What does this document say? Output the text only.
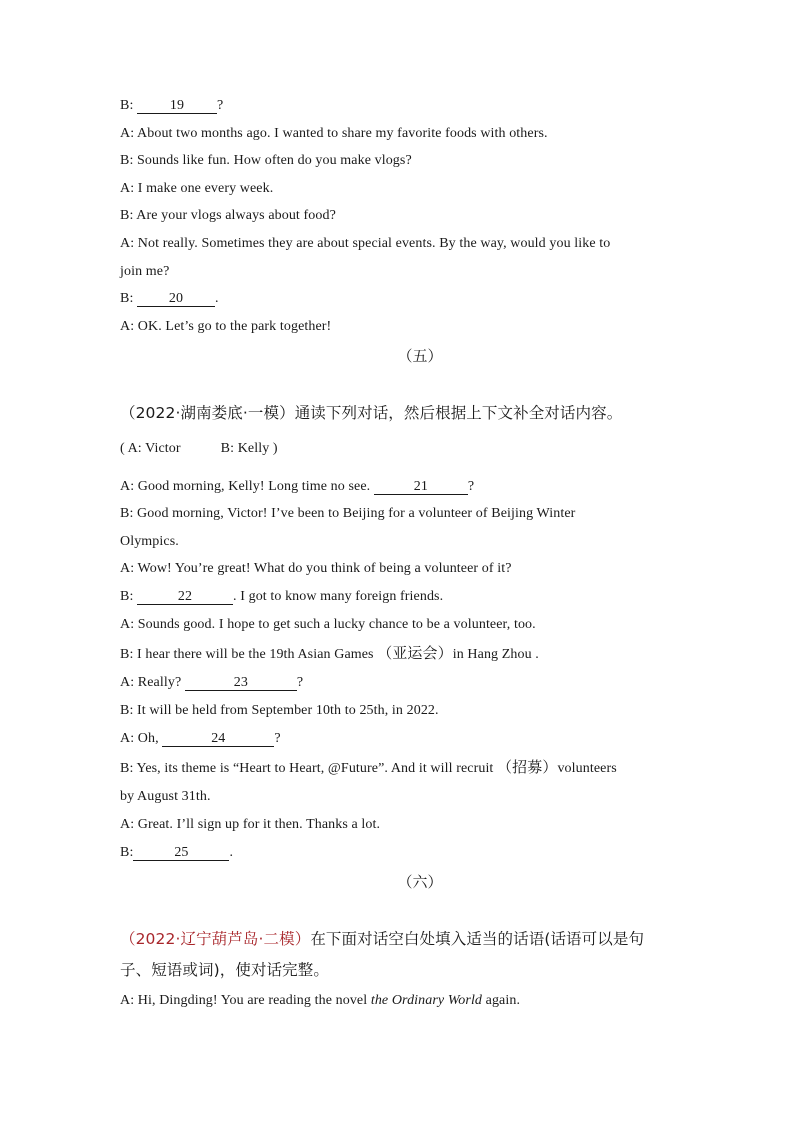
B: 19 ?
A: About two months ago. I wanted to share my favorite foods with others.
B: Sounds like fun. How often do you make vlogs?
A: I make one every week.
B: Are your vlogs always about food?
A: Not really. Sometimes they are about special events. By the way, would you like to
join me?
B: 20 .
A: OK. Let’s go to the park together!
（五）
（2022·湖南娄底·一模）通读下列对话，然后根据上下文补全对话内容。
( A: Victor	B: Kelly )
A: Good morning, Kelly! Long time no see.	21	?
B: Good morning, Victor! I’ve been to Beijing for a volunteer of Beijing Winter
Olympics.
A: Wow! You’re great! What do you think of being a volunteer of it?
B:	22	. I got to know many foreign friends.
A: Sounds good. I hope to get such a lucky chance to be a volunteer, too.
B: I hear there will be the 19th Asian Games （亚运会）in Hang Zhou .
A: Really?	23	?
B: It will be held from September 10th to 25th, in 2022.
A: Oh,	24	?
B: Yes, its theme is “Heart to Heart, @Future”. And it will recruit （招募）volunteers
by August 31th.
A: Great. I’ll sign up for it then. Thanks a lot.
B:	25	.
（六）
（2022·辽宁葫芦岛·二模）在下面对话空白处填入适当的话语(话语可以是句
子、短语或词)，使对话完整。
A: Hi, Dingding! You are reading the novel the Ordinary World again.
